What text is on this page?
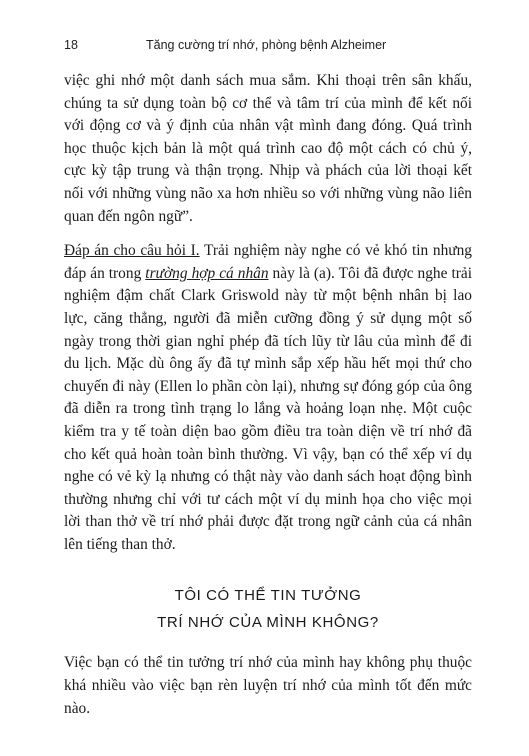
18	Tăng cường trí nhớ, phòng bệnh Alzheimer

việc ghi nhớ một danh sách mua sắm. Khi thoại trên sân khấu, chúng ta sử dụng toàn bộ cơ thể và tâm trí của mình để kết nối với động cơ và ý định của nhân vật mình đang đóng. Quá trình học thuộc kịch bản là một quá trình cao độ một cách có chủ ý, cực kỳ tập trung và thận trọng. Nhịp và phách của lời thoại kết nối với những vùng não xa hơn nhiều so với những vùng não liên quan đến ngôn ngữ”.

Đáp án cho câu hỏi I. Trải nghiệm này nghe có vẻ khó tin nhưng đáp án trong trường hợp cá nhân này là (a). Tôi đã được nghe trải nghiệm đậm chất Clark Griswold này từ một bệnh nhân bị lao lực, căng thẳng, người đã miễn cưỡng đồng ý sử dụng một số ngày trong thời gian nghỉ phép đã tích lũy từ lâu của mình để đi du lịch. Mặc dù ông ấy đã tự mình sắp xếp hầu hết mọi thứ cho chuyến đi này (Ellen lo phần còn lại), nhưng sự đóng góp của ông đã diễn ra trong tình trạng lo lắng và hoảng loạn nhẹ. Một cuộc kiểm tra y tế toàn diện bao gồm điều tra toàn diện về trí nhớ đã cho kết quả hoàn toàn bình thường. Vì vậy, bạn có thể xếp ví dụ nghe có vẻ kỳ lạ nhưng có thật này vào danh sách hoạt động bình thường nhưng chỉ với tư cách một ví dụ minh họa cho việc mọi lời than thở về trí nhớ phải được đặt trong ngữ cảnh của cá nhân lên tiếng than thở.

TÔI CÓ THỂ TIN TƯỞNG
TRÍ NHỚ CỦA MÌNH KHÔNG?

Việc bạn có thể tin tưởng trí nhớ của mình hay không phụ thuộc khá nhiều vào việc bạn rèn luyện trí nhớ của mình tốt đến mức nào.
